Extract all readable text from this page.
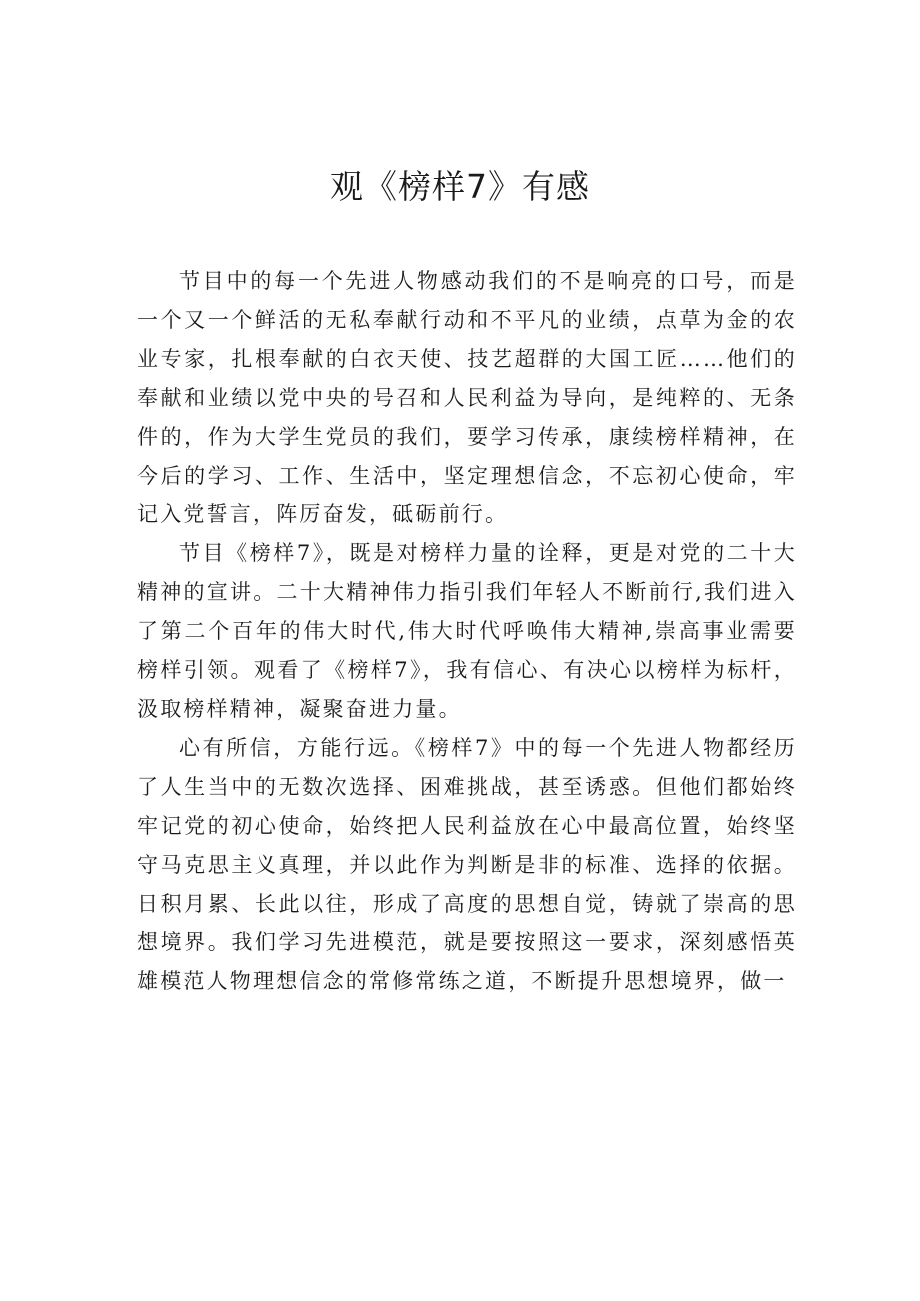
观《榜样7》有感

节目中的每一个先进人物感动我们的不是响亮的口号，而是一个又一个鲜活的无私奉献行动和不平凡的业绩，点草为金的农业专家，扎根奉献的白衣天使、技艺超群的大国工匠……他们的奉献和业绩以党中央的号召和人民利益为导向，是纯粹的、无条件的，作为大学生党员的我们，要学习传承，康续榜样精神，在今后的学习、工作、生活中，坚定理想信念，不忘初心使命，牢记入党誓言，阵厉奋发，砥砺前行。

节目《榜样7》，既是对榜样力量的诠释，更是对党的二十大精神的宣讲。二十大精神伟力指引我们年轻人不断前行,我们进入了第二个百年的伟大时代,伟大时代呼唤伟大精神,崇高事业需要榜样引领。观看了《榜样7》，我有信心、有决心以榜样为标杆，汲取榜样精神，凝聚奋进力量。

心有所信，方能行远。《榜样7》中的每一个先进人物都经历了人生当中的无数次选择、困难挑战，甚至诱惑。但他们都始终牢记党的初心使命，始终把人民利益放在心中最高位置，始终坚守马克思主义真理，并以此作为判断是非的标准、选择的依据。日积月累、长此以往，形成了高度的思想自觉，铸就了崇高的思想境界。我们学习先进模范，就是要按照这一要求，深刻感悟英雄模范人物理想信念的常修常练之道，不断提升思想境界，做一
